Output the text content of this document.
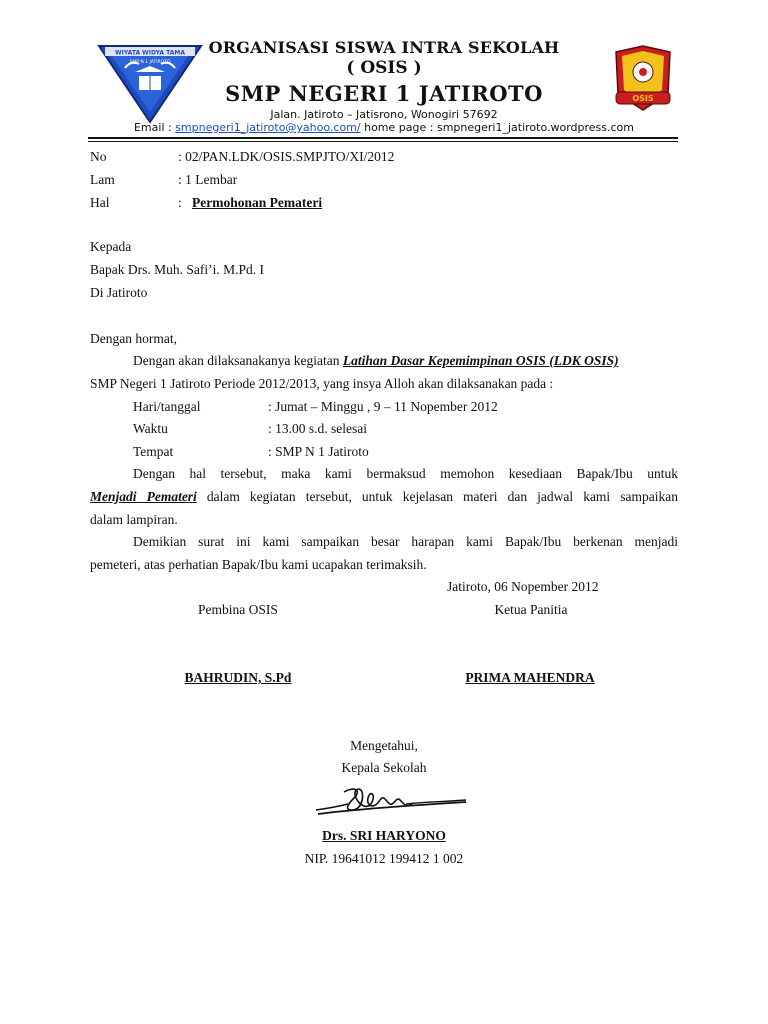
WIYATA WIDYA TAMA
SMP N 1 JATIROTO
OSIS
ORGANISASI SISWA INTRA SEKOLAH
( OSIS )
SMP NEGERI 1 JATIROTO
Jalan. Jatiroto – Jatisrono, Wonogiri 57692
Email : smpnegeri1_jatiroto@yahoo.com/ home page : smpnegeri1_jatiroto.wordpress.com
No	: 02/PAN.LDK/OSIS.SMPJTO/XI/2012
Lam	: 1 Lembar
Hal	: Permohonan Pemateri
Kepada
Bapak Drs. Muh. Safi’i. M.Pd. I
Di Jatiroto
Dengan hormat,
Dengan akan dilaksanakanya kegiatan Latihan Dasar Kepemimpinan OSIS (LDK OSIS)
SMP Negeri 1 Jatiroto Periode 2012/2013, yang insya Alloh akan dilaksanakan pada :
Hari/tanggal	: Jumat – Minggu , 9 – 11 Nopember 2012
Waktu	: 13.00 s.d. selesai
Tempat	: SMP N 1 Jatiroto
Dengan hal tersebut, maka kami bermaksud memohon kesediaan Bapak/Ibu untuk
Menjadi Pemateri dalam kegiatan tersebut, untuk kejelasan materi dan jadwal kami sampaikan
dalam lampiran.
Demikian surat ini kami sampaikan besar harapan kami Bapak/Ibu berkenan menjadi
pemeteri, atas perhatian Bapak/Ibu kami ucapakan terimaksih.
Jatiroto, 06 Nopember 2012
Pembina OSIS	Ketua Panitia
BAHRUDIN, S.Pd	PRIMA MAHENDRA
Mengetahui,
Kepala Sekolah
Drs. SRI HARYONO
NIP. 19641012 199412 1 002
